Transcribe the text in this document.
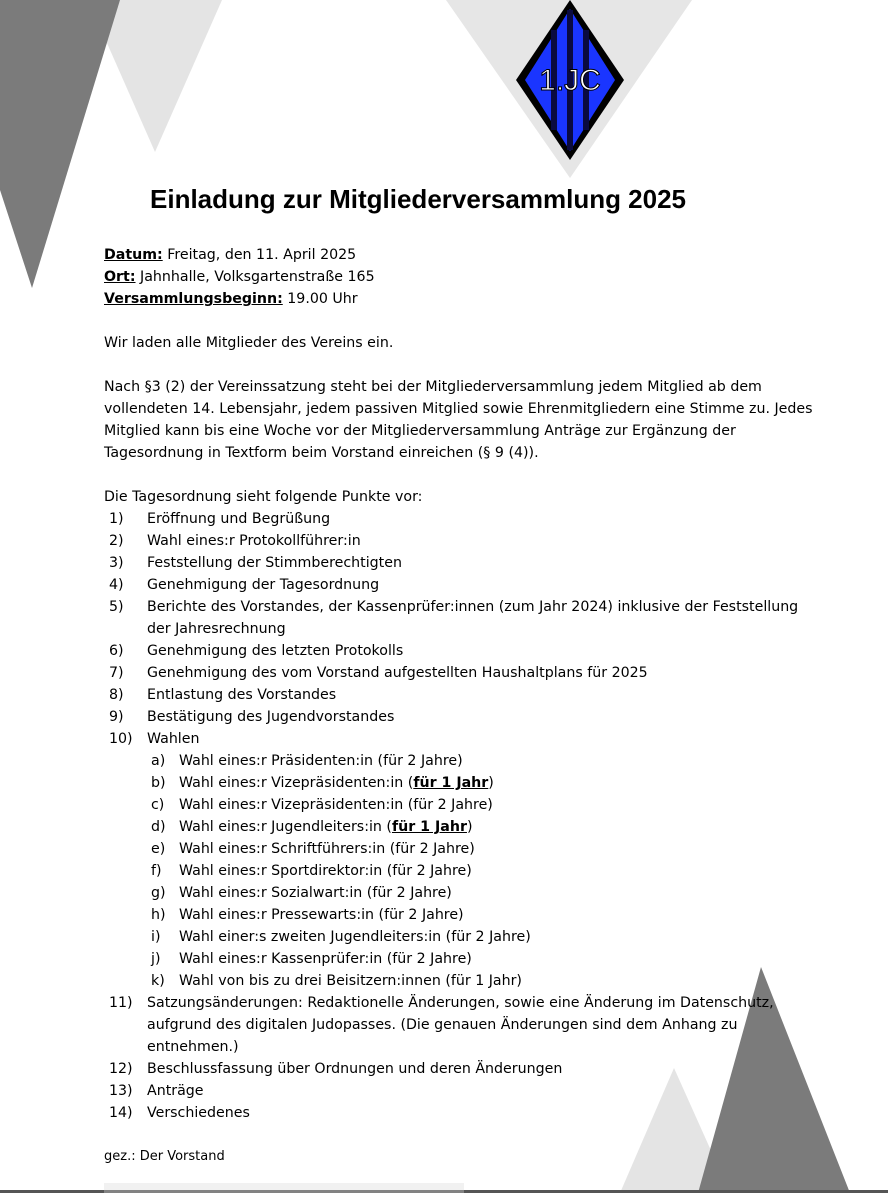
1.JC
Einladung zur Mitgliederversammlung 2025
Datum: Freitag, den 11. April 2025
Ort: Jahnhalle, Volksgartenstraße 165
Versammlungsbeginn: 19.00 Uhr

Wir laden alle Mitglieder des Vereins ein.

Nach §3 (2) der Vereinssatzung steht bei der Mitgliederversammlung jedem Mitglied ab dem vollendeten 14. Lebensjahr, jedem passiven Mitglied sowie Ehrenmitgliedern eine Stimme zu. Jedes Mitglied kann bis eine Woche vor der Mitgliederversammlung Anträge zur Ergänzung der Tagesordnung in Textform beim Vorstand einreichen (§ 9 (4)).

Die Tagesordnung sieht folgende Punkte vor:

1) Eröffnung und Begrüßung
2) Wahl eines:r Protokollführer:in
3) Feststellung der Stimmberechtigten
4) Genehmigung der Tagesordnung
5) Berichte des Vorstandes, der Kassenprüfer:innen (zum Jahr 2024) inklusive der Feststellung der Jahresrechnung
6) Genehmigung des letzten Protokolls
7) Genehmigung des vom Vorstand aufgestellten Haushaltplans für 2025
8) Entlastung des Vorstandes
9) Bestätigung des Jugendvorstandes
10) Wahlen
a) Wahl eines:r Präsidenten:in (für 2 Jahre)
b) Wahl eines:r Vizepräsidenten:in (für 1 Jahr)
c) Wahl eines:r Vizepräsidenten:in (für 2 Jahre)
d) Wahl eines:r Jugendleiters:in (für 1 Jahr)
e) Wahl eines:r Schriftführers:in (für 2 Jahre)
f) Wahl eines:r Sportdirektor:in (für 2 Jahre)
g) Wahl eines:r Sozialwart:in (für 2 Jahre)
h) Wahl eines:r Pressewarts:in (für 2 Jahre)
i) Wahl einer:s zweiten Jugendleiters:in (für 2 Jahre)
j) Wahl eines:r Kassenprüfer:in (für 2 Jahre)
k) Wahl von bis zu drei Beisitzern:innen (für 1 Jahr)
11) Satzungsänderungen: Redaktionelle Änderungen, sowie eine Änderung im Datenschutz, aufgrund des digitalen Judopasses. (Die genauen Änderungen sind dem Anhang zu entnehmen.)
12) Beschlussfassung über Ordnungen und deren Änderungen
13) Anträge
14) Verschiedenes

gez.: Der Vorstand
